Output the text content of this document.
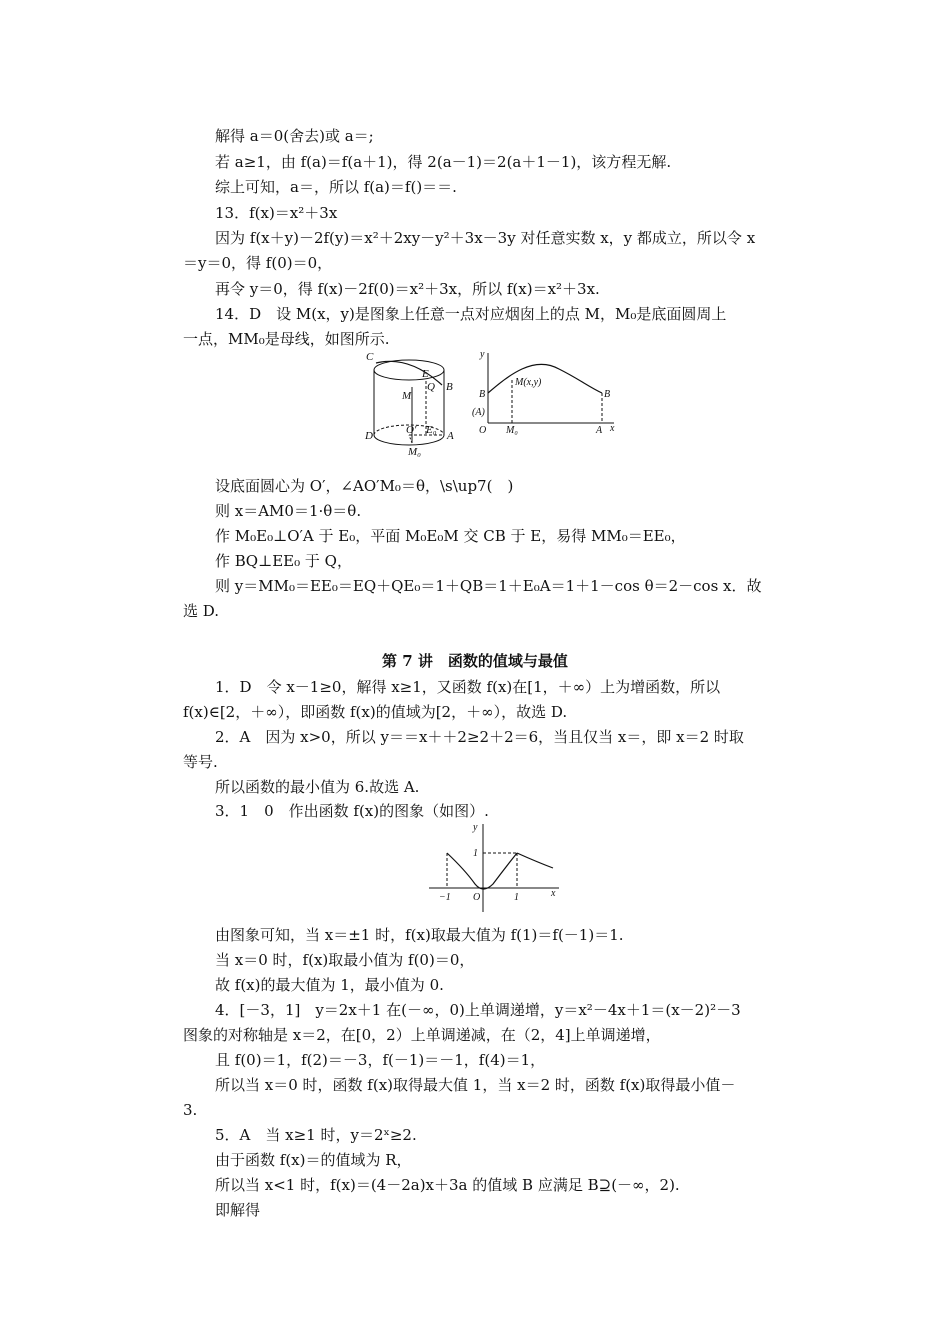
解得 a＝0(舍去)或 a＝;
若 a≥1，由 f(a)＝f(a＋1)，得 2(a－1)＝2(a＋1－1)，该方程无解.
综上可知，a＝，所以 f(a)＝f()＝＝.
13．f(x)＝x²＋3x
因为 f(x＋y)－2f(y)＝x²＋2xy－y²＋3x－3y 对任意实数 x，y 都成立，所以令 x
＝y＝0，得 f(0)＝0，
再令 y＝0，得 f(x)－2f(0)＝x²＋3x，所以 f(x)＝x²＋3x.
14．D　设 M(x，y)是图象上任意一点对应烟囱上的点 M，M₀是底面圆周上
一点，MM₀是母线，如图所示.
C
E
Q B
M
O′ E₀ A
D
M₀
y
B
M(x,y)
B
(A)
O M₀	A x
设底面圆心为 O′，∠AO′M₀＝θ，\s\up7(　)
则 x＝AM0＝1·θ＝θ.
作 M₀E₀⊥O′A 于 E₀，平面 M₀E₀M 交 CB 于 E，易得 MM₀＝EE₀，
作 BQ⊥EE₀ 于 Q，
则 y＝MM₀＝EE₀＝EQ＋QE₀＝1＋QB＝1＋E₀A＝1＋1－cos θ＝2－cos x．故
选 D.
第 7 讲　函数的值域与最值
1．D　令 x－1≥0，解得 x≥1，又函数 f(x)在[1，＋∞）上为增函数，所以
f(x)∈[2，＋∞），即函数 f(x)的值域为[2，＋∞），故选 D.
2．A　因为 x>0，所以 y＝＝x＋＋2≥2＋2＝6，当且仅当 x＝，即 x＝2 时取
等号.
所以函数的最小值为 6.故选 A.
3．1　0　作出函数 f(x)的图象（如图）.
y
1
−1 O	1	x
由图象可知，当 x＝±1 时，f(x)取最大值为 f(1)＝f(－1)＝1.
当 x＝0 时，f(x)取最小值为 f(0)＝0，
故 f(x)的最大值为 1，最小值为 0.
4．[－3，1]　y＝2x＋1 在(－∞，0)上单调递增，y＝x²－4x＋1＝(x－2)²－3
图象的对称轴是 x＝2，在[0，2）上单调递减，在（2，4]上单调递增，
且 f(0)＝1，f(2)＝－3，f(－1)＝－1，f(4)＝1，
所以当 x＝0 时，函数 f(x)取得最大值 1，当 x＝2 时，函数 f(x)取得最小值－
3.
5．A　当 x≥1 时，y＝2ˣ≥2.
由于函数 f(x)＝的值域为 R，
所以当 x<1 时，f(x)＝(4－2a)x＋3a 的值域 B 应满足 B⊇(－∞，2).
即解得
